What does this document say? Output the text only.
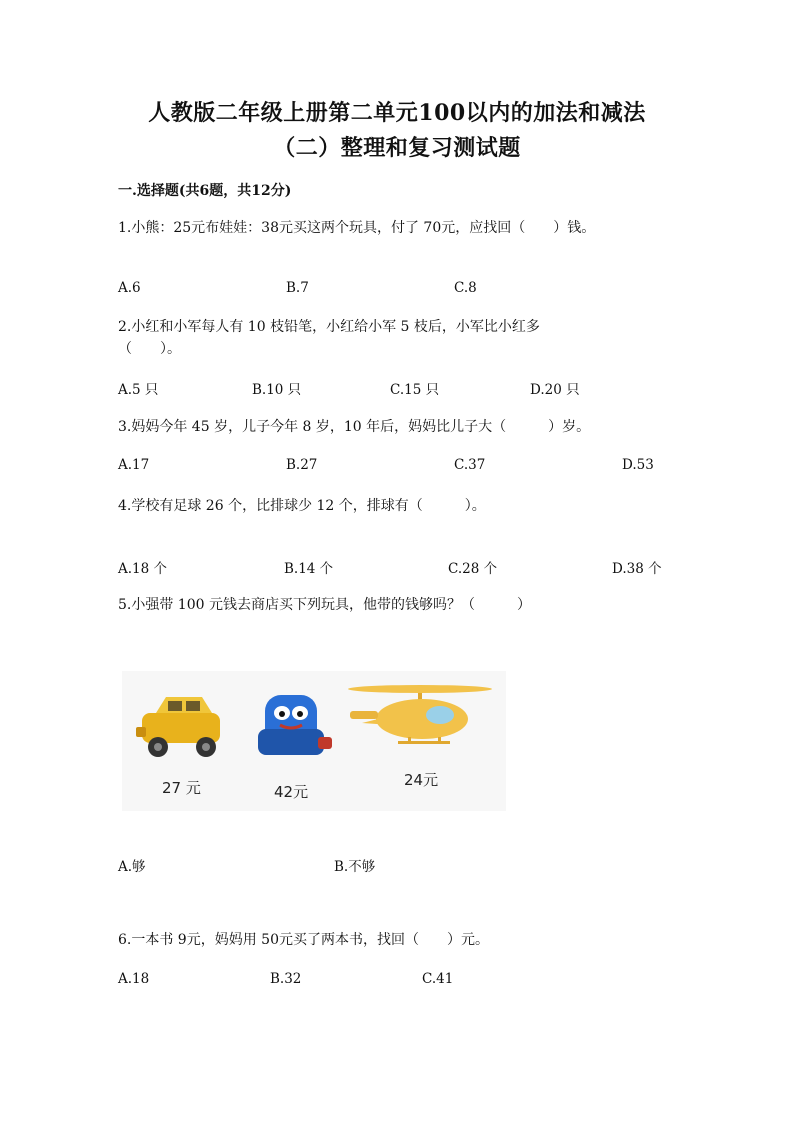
人教版二年级上册第二单元100以内的加法和减法
（二）整理和复习测试题
一.选择题(共6题，共12分)
1.小熊：25元布娃娃：38元买这两个玩具，付了 70元，应找回（　　）钱。
A.6	B.7	C.8
2.小红和小军每人有 10 枝铅笔，小红给小军 5 枝后，小军比小红多
（　　）。
A.5 只	B.10 只	C.15 只	D.20 只
3.妈妈今年 45 岁，儿子今年 8 岁，10 年后，妈妈比儿子大（　　　）岁。
A.17	B.27	C.37	D.53
4.学校有足球 26 个，比排球少 12 个，排球有（　　　）。
A.18 个	B.14 个	C.28 个	D.38 个
5.小强带 100 元钱去商店买下列玩具，他带的钱够吗？（　　　）
27 元	42元
24元
A.够	B.不够
6.一本书 9元，妈妈用 50元买了两本书，找回（　　）元。
A.18	B.32	C.41
